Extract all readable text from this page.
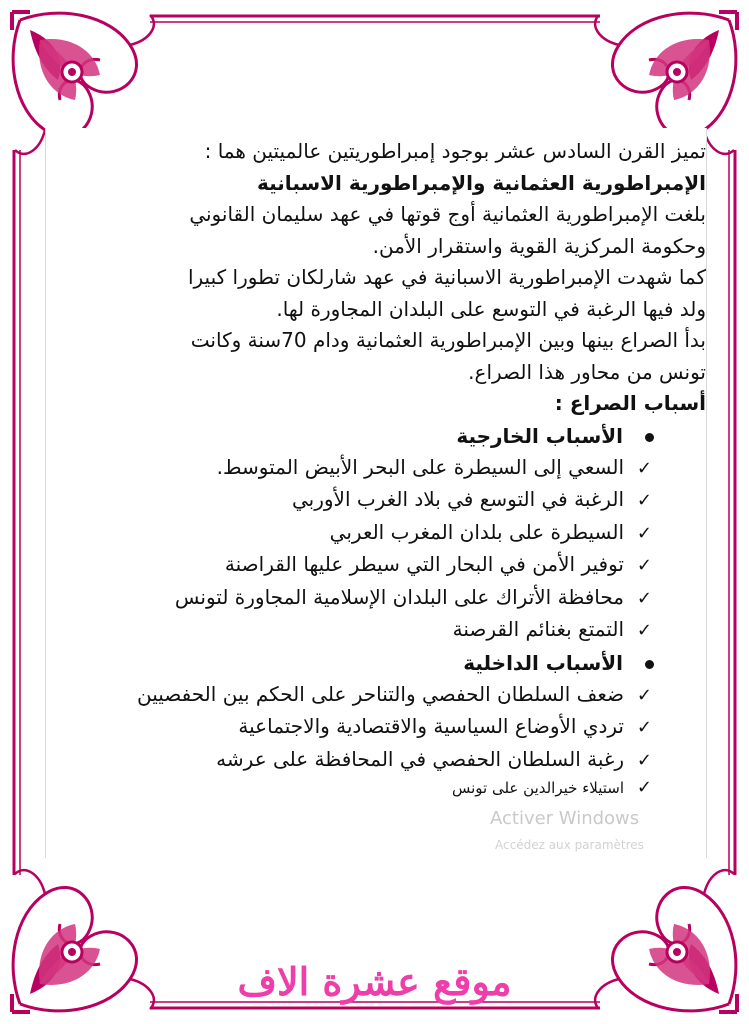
تميز القرن السادس عشر بوجود إمبراطوريتين عالميتين هما :
الإمبراطورية العثمانية والإمبراطورية الاسبانية
بلغت الإمبراطورية العثمانية أوج قوتها في عهد سليمان القانوني
وحكومة المركزية القوية واستقرار الأمن.
كما شهدت الإمبراطورية الاسبانية في عهد شارلكان تطورا كبيرا
ولد فيها الرغبة في التوسع على البلدان المجاورة لها.
بدأ الصراع بينها وبين الإمبراطورية العثمانية ودام 70سنة وكانت
تونس من محاور هذا الصراع.
أسباب الصراع :
الأسباب الخارجية
✓السعي إلى السيطرة على البحر الأبيض المتوسط.
✓الرغبة في التوسع في بلاد الغرب الأوربي
✓السيطرة على بلدان المغرب العربي
✓توفير الأمن في البحار التي سيطر عليها القراصنة
✓محافظة الأتراك على البلدان الإسلامية المجاورة لتونس
✓التمتع بغنائم القرصنة
الأسباب الداخلية
✓ضعف السلطان الحفصي والتناحر على الحكم بين الحفصيين
✓تردي الأوضاع السياسية والاقتصادية والاجتماعية
✓رغبة السلطان الحفصي في المحافظة على عرشه
✓استيلاء خيرالدين على تونس
Activer Windows
Accédez aux paramètres
موقع عشرة الاف
